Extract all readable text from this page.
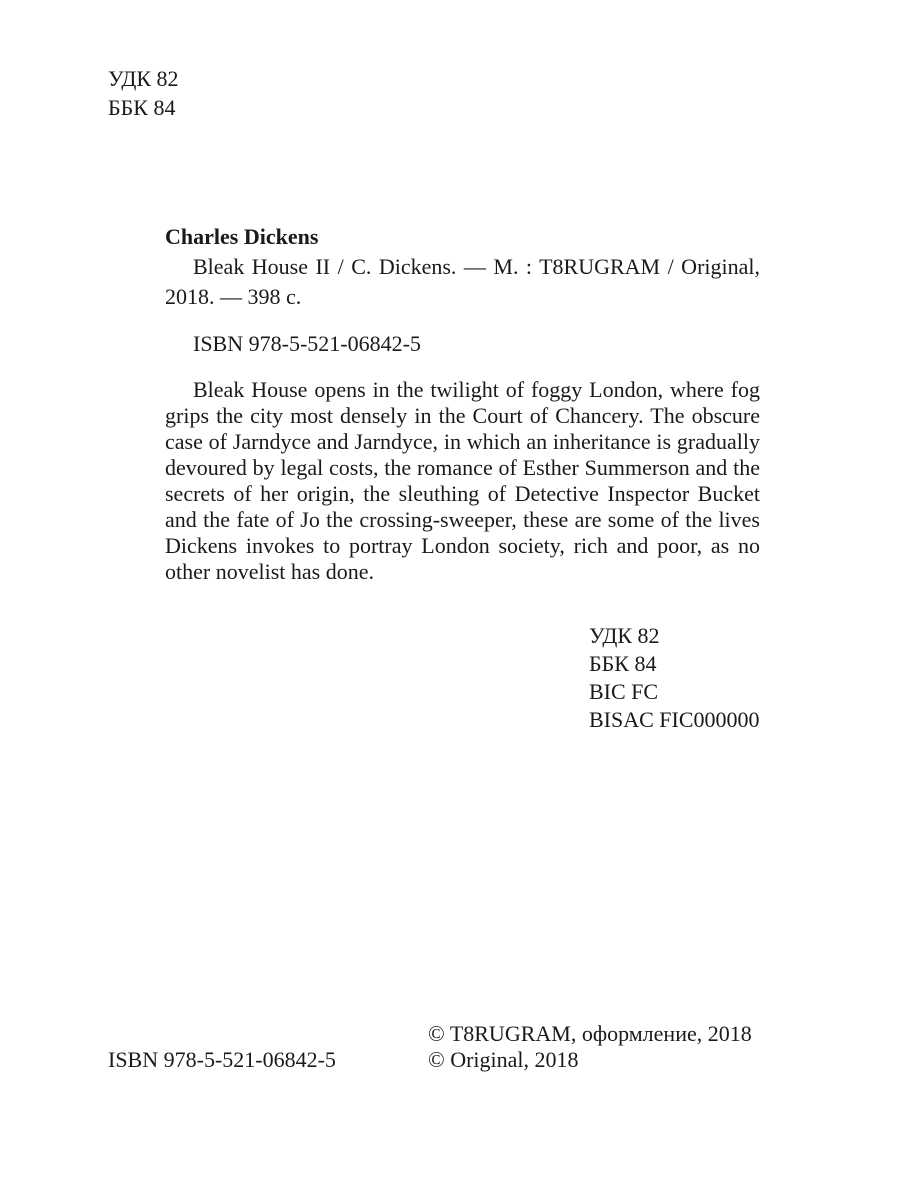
УДК 82
ББК 84
Charles Dickens

Bleak House II / C. Dickens. — M. : T8RUGRAM / Original, 2018. — 398 с.

ISBN 978-5-521-06842-5
Bleak House opens in the twilight of foggy London, where fog grips the city most densely in the Court of Chancery. The obscure case of Jarndyce and Jarndyce, in which an inheritance is gradually devoured by legal costs, the romance of Esther Summerson and the secrets of her origin, the sleuthing of Detective Inspector Bucket and the fate of Jo the crossing-sweeper, these are some of the lives Dickens invokes to portray London society, rich and poor, as no other novelist has done.
УДК 82
ББК 84
BIC FC
BISAC FIC000000
ISBN 978-5-521-06842-5
© T8RUGRAM, оформление, 2018
© Original, 2018
